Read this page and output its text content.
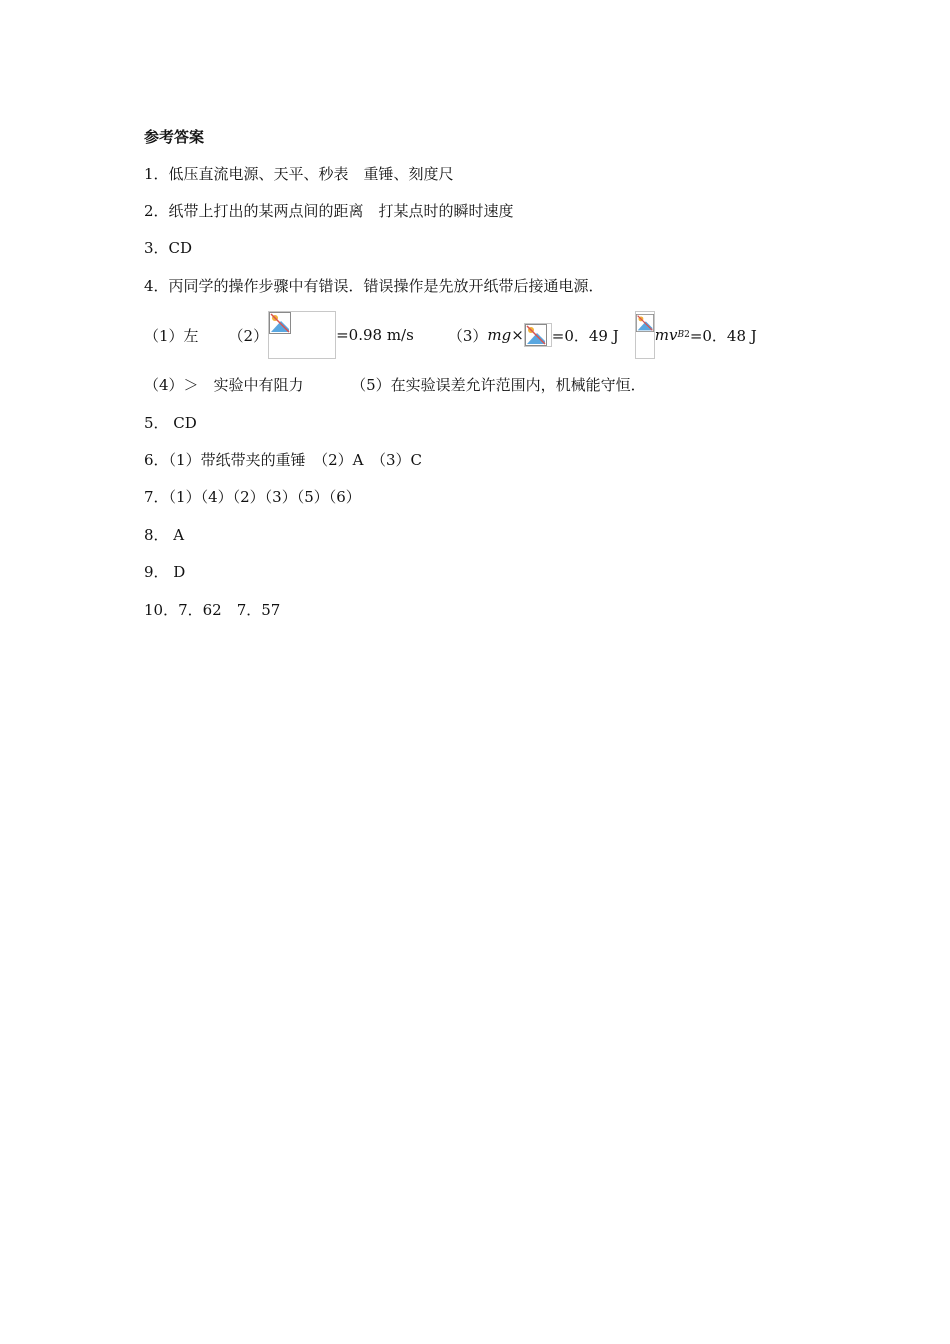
参考答案
1．低压直流电源、天平、秒表　重锤、刻度尺
2．纸带上打出的某两点间的距离　打某点时的瞬时速度
3．CD
4．丙同学的操作步骤中有错误．错误操作是先放开纸带后接通电源．
（1）左 （2）	=0.98 m/s （3） mg × =0．49 J mv B 2 =0．48 J
（4）＞　实验中有阻力	（5）在实验误差允许范围内，机械能守恒．
5． CD
6．（1）带纸带夹的重锤　（2）A　（3）C
7．（1）（4）（2）（3）（5）（6）
8． A
9． D
10．7．62　7．57
